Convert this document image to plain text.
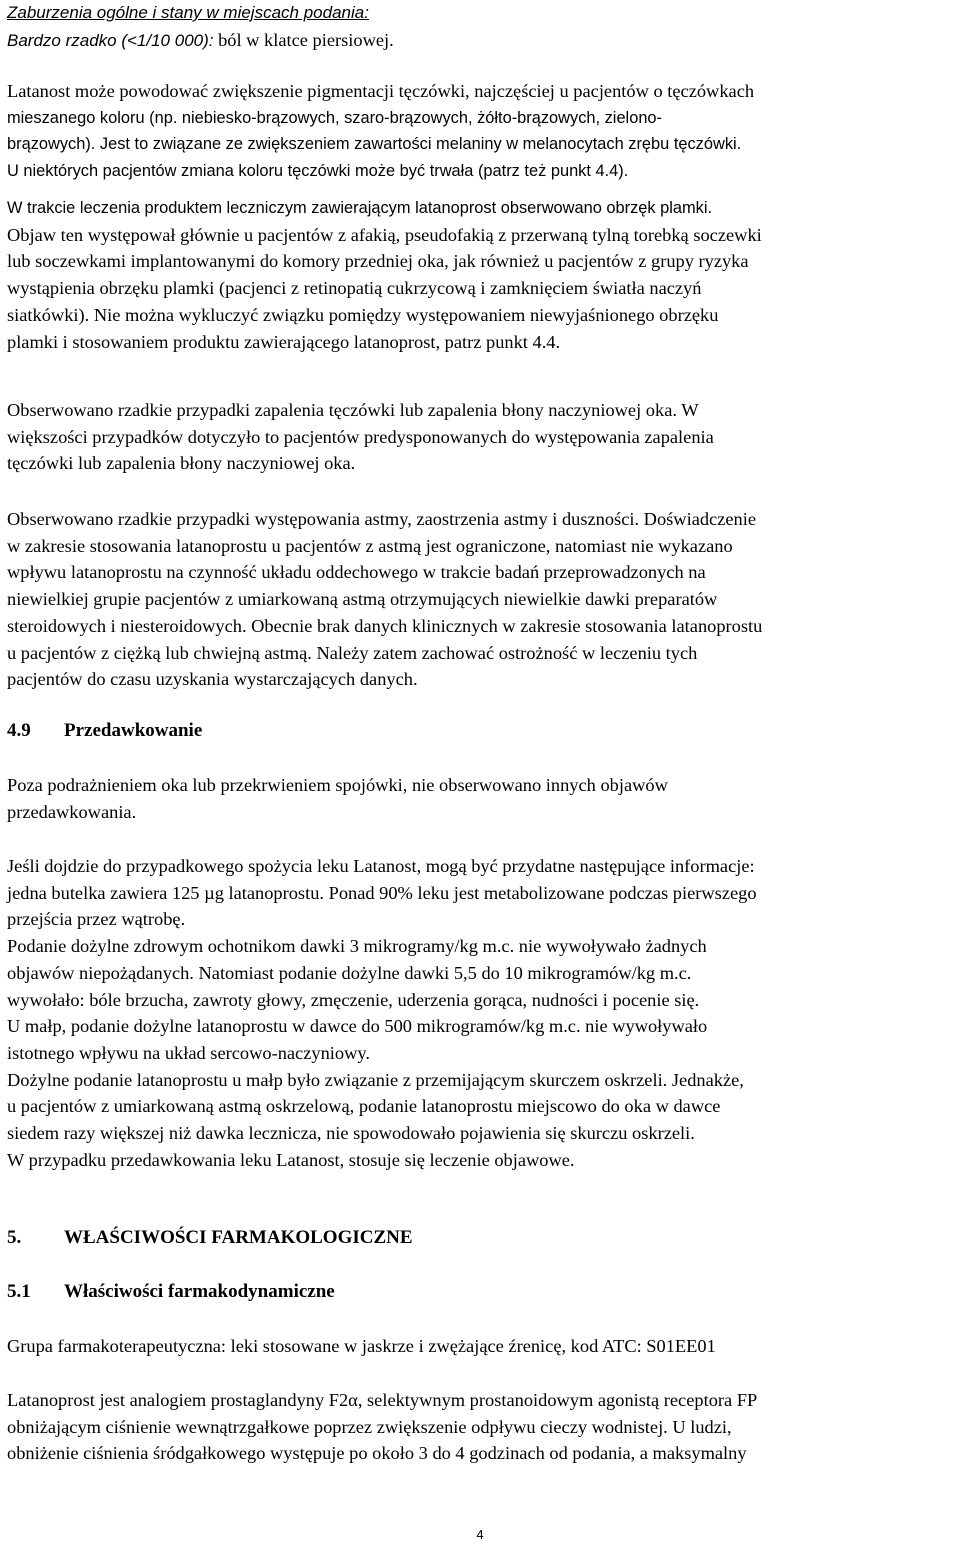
Zaburzenia ogólne i stany w miejscach podania:
Bardzo rzadko (<1/10 000): ból w klatce piersiowej.
Latanost może powodować zwiększenie pigmentacji tęczówki, najczęściej u pacjentów o tęczówkach
mieszanego koloru (np. niebiesko-brązowych, szaro-brązowych, żółto-brązowych, zielono-
brązowych). Jest to związane ze zwiększeniem zawartości melaniny w melanocytach zrębu tęczówki.
U niektórych pacjentów zmiana koloru tęczówki może być trwała (patrz też punkt 4.4).
W trakcie leczenia produktem leczniczym zawierającym latanoprost obserwowano obrzęk plamki.
Objaw ten występował głównie u pacjentów z afakią, pseudofakią z przerwaną tylną torebką soczewki
lub soczewkami implantowanymi do komory przedniej oka, jak również u pacjentów z grupy ryzyka
wystąpienia obrzęku plamki (pacjenci z retinopatią cukrzycową i zamknięciem światła naczyń
siatkówki). Nie można wykluczyć związku pomiędzy występowaniem niewyjaśnionego obrzęku
plamki i stosowaniem produktu zawierającego latanoprost, patrz punkt 4.4.
Obserwowano rzadkie przypadki zapalenia tęczówki lub zapalenia błony naczyniowej oka. W
większości przypadków dotyczyło to pacjentów predysponowanych do występowania zapalenia
tęczówki lub zapalenia błony naczyniowej oka.
Obserwowano rzadkie przypadki występowania astmy, zaostrzenia astmy i duszności. Doświadczenie
w zakresie stosowania latanoprostu u pacjentów z astmą jest ograniczone, natomiast nie wykazano
wpływu latanoprostu na czynność układu oddechowego w trakcie badań przeprowadzonych na
niewielkiej grupie pacjentów z umiarkowaną astmą otrzymujących niewielkie dawki preparatów
steroidowych i niesteroidowych. Obecnie brak danych klinicznych w zakresie stosowania latanoprostu
u pacjentów z ciężką lub chwiejną astmą. Należy zatem zachować ostrożność w leczeniu tych
pacjentów do czasu uzyskania wystarczających danych.
4.9 Przedawkowanie
Poza podrażnieniem oka lub przekrwieniem spojówki, nie obserwowano innych objawów
przedawkowania.
Jeśli dojdzie do przypadkowego spożycia leku Latanost, mogą być przydatne następujące informacje:
jedna butelka zawiera 125 µg latanoprostu. Ponad 90% leku jest metabolizowane podczas pierwszego
przejścia przez wątrobę.
Podanie dożylne zdrowym ochotnikom dawki 3 mikrogramy/kg m.c. nie wywoływało żadnych
objawów niepożądanych. Natomiast podanie dożylne dawki 5,5 do 10 mikrogramów/kg m.c.
wywołało: bóle brzucha, zawroty głowy, zmęczenie, uderzenia gorąca, nudności i pocenie się.
U małp, podanie dożylne latanoprostu w dawce do 500 mikrogramów/kg m.c. nie wywoływało
istotnego wpływu na układ sercowo-naczyniowy.
Dożylne podanie latanoprostu u małp było związanie z przemijającym skurczem oskrzeli. Jednakże,
u pacjentów z umiarkowaną astmą oskrzelową, podanie latanoprostu miejscowo do oka w dawce
siedem razy większej niż dawka lecznicza, nie spowodowało pojawienia się skurczu oskrzeli.
W przypadku przedawkowania leku Latanost, stosuje się leczenie objawowe.
5. WŁAŚCIWOŚCI FARMAKOLOGICZNE
5.1 Właściwości farmakodynamiczne
Grupa farmakoterapeutyczna: leki stosowane w jaskrze i zwężające źrenicę, kod ATC: S01EE01
Latanoprost jest analogiem prostaglandyny F2α, selektywnym prostanoidowym agonistą receptora FP
obniżającym ciśnienie wewnątrzgałkowe poprzez zwiększenie odpływu cieczy wodnistej. U ludzi,
obniżenie ciśnienia śródgałkowego występuje po około 3 do 4 godzinach od podania, a maksymalny
4
